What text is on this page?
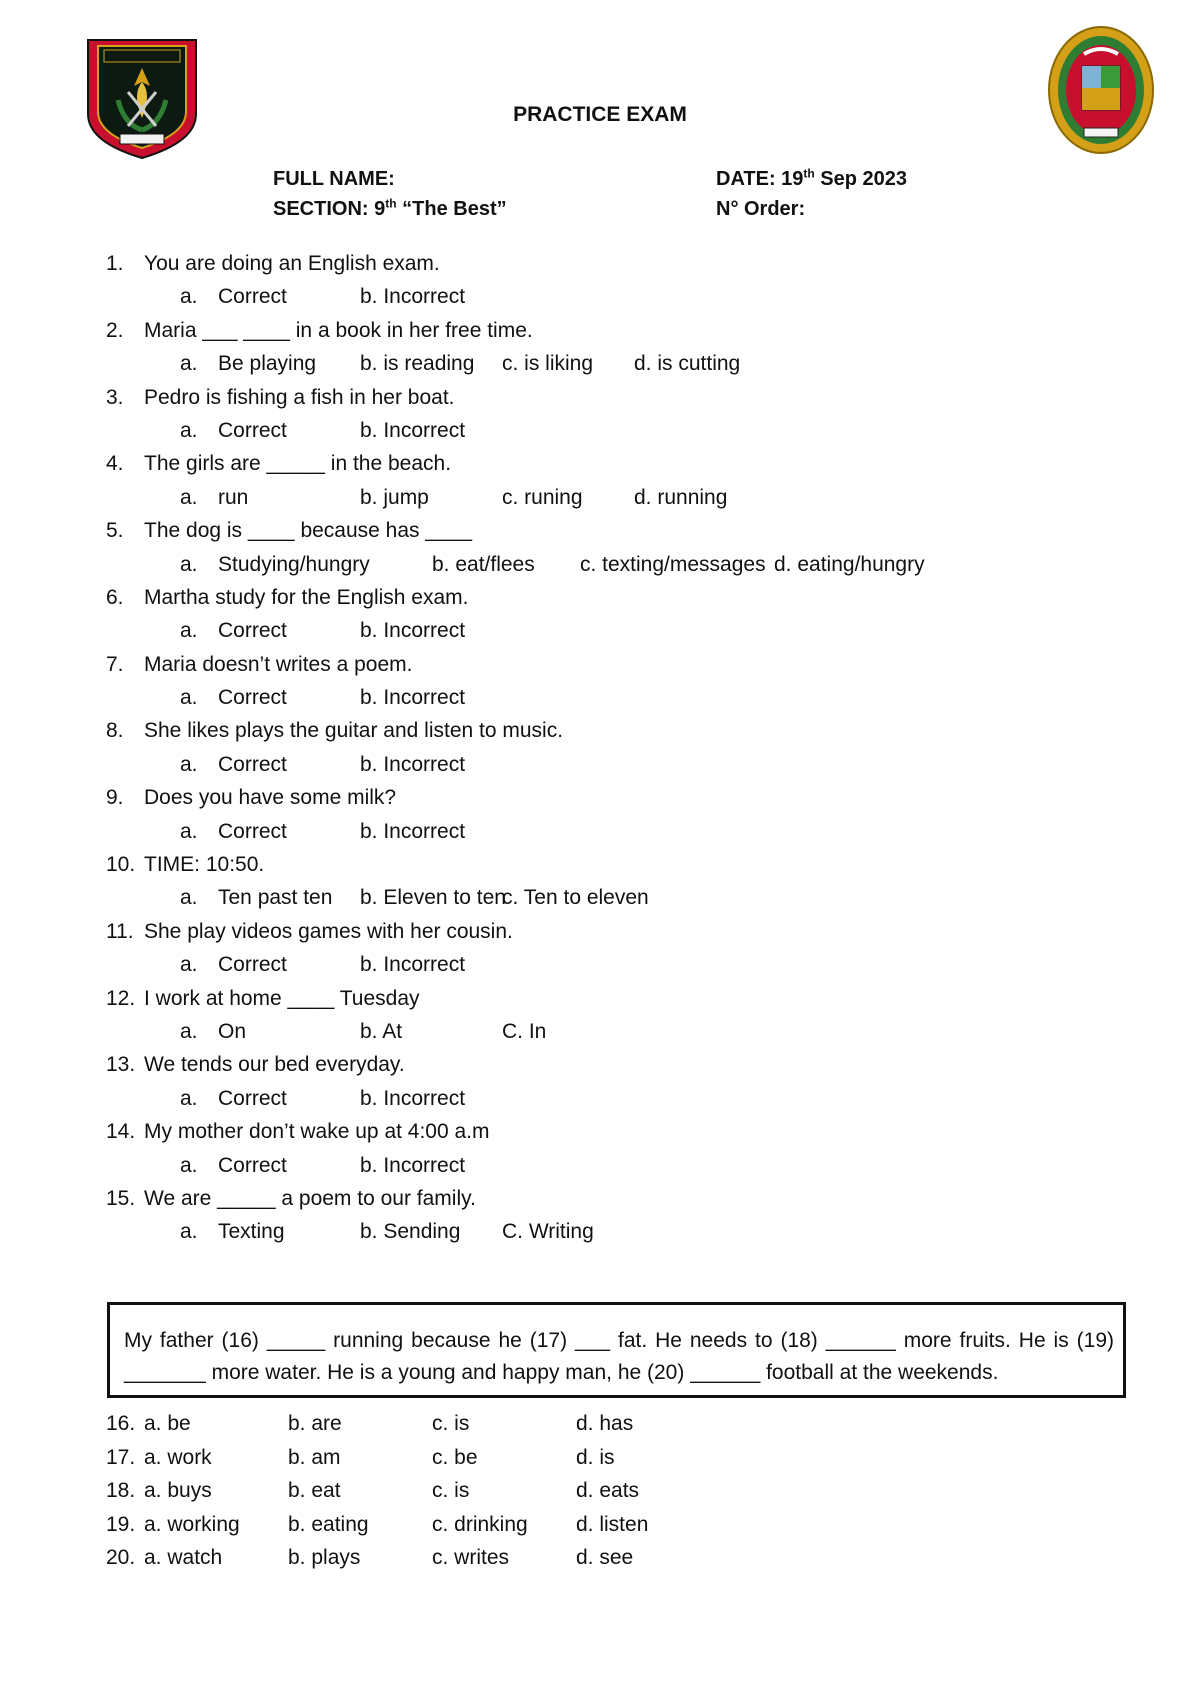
PRACTICE EXAM
FULL NAME:
SECTION: 9th “The Best”
DATE: 19th Sep 2023
N° Order:
1. You are doing an English exam.
a. Correct	b. Incorrect
2. Maria ___ ____ in a book in her free time.
a. Be playing b. is reading c. is liking d. is cutting
3. Pedro is fishing a fish in her boat.
a. Correct	b. Incorrect
4. The girls are _____ in the beach.
a. run	b. jump	c. runing d. running
5. The dog is ____ because has ____
a. Studying/hungry	b. eat/flees c. texting/messages d. eating/hungry
6. Martha study for the English exam.
a. Correct	b. Incorrect
7. Maria doesn’t writes a poem.
a. Correct	b. Incorrect
8. She likes plays the guitar and listen to music.
a. Correct	b. Incorrect
9. Does you have some milk?
a. Correct	b. Incorrect
10. TIME: 10:50.
a. Ten past ten b. Eleven to ten
c. Ten to eleven
11. She play videos games with her cousin.
a. Correct	b. Incorrect
12. I work at home ____ Tuesday
a. On	b. At	C. In
13. We tends our bed everyday.
a. Correct	b. Incorrect
14. My mother don’t wake up at 4:00 a.m
a. Correct	b. Incorrect
15. We are _____ a poem to our family.
a. Texting	b. Sending C. Writing

My father (16) _____ running because he (17) ___ fat. He needs to (18) ______ more fruits. He is (19) _______ more water. He is a young and happy man, he (20) ______ football at the weekends.

16. a. be	b. are	c. is	d. has
17. a. work	b. am	c. be	d. is
18. a. buys	b. eat	c. is	d. eats
19. a. working b. eating	c. drinking d. listen
20. a. watch	b. plays	c. writes	d. see
